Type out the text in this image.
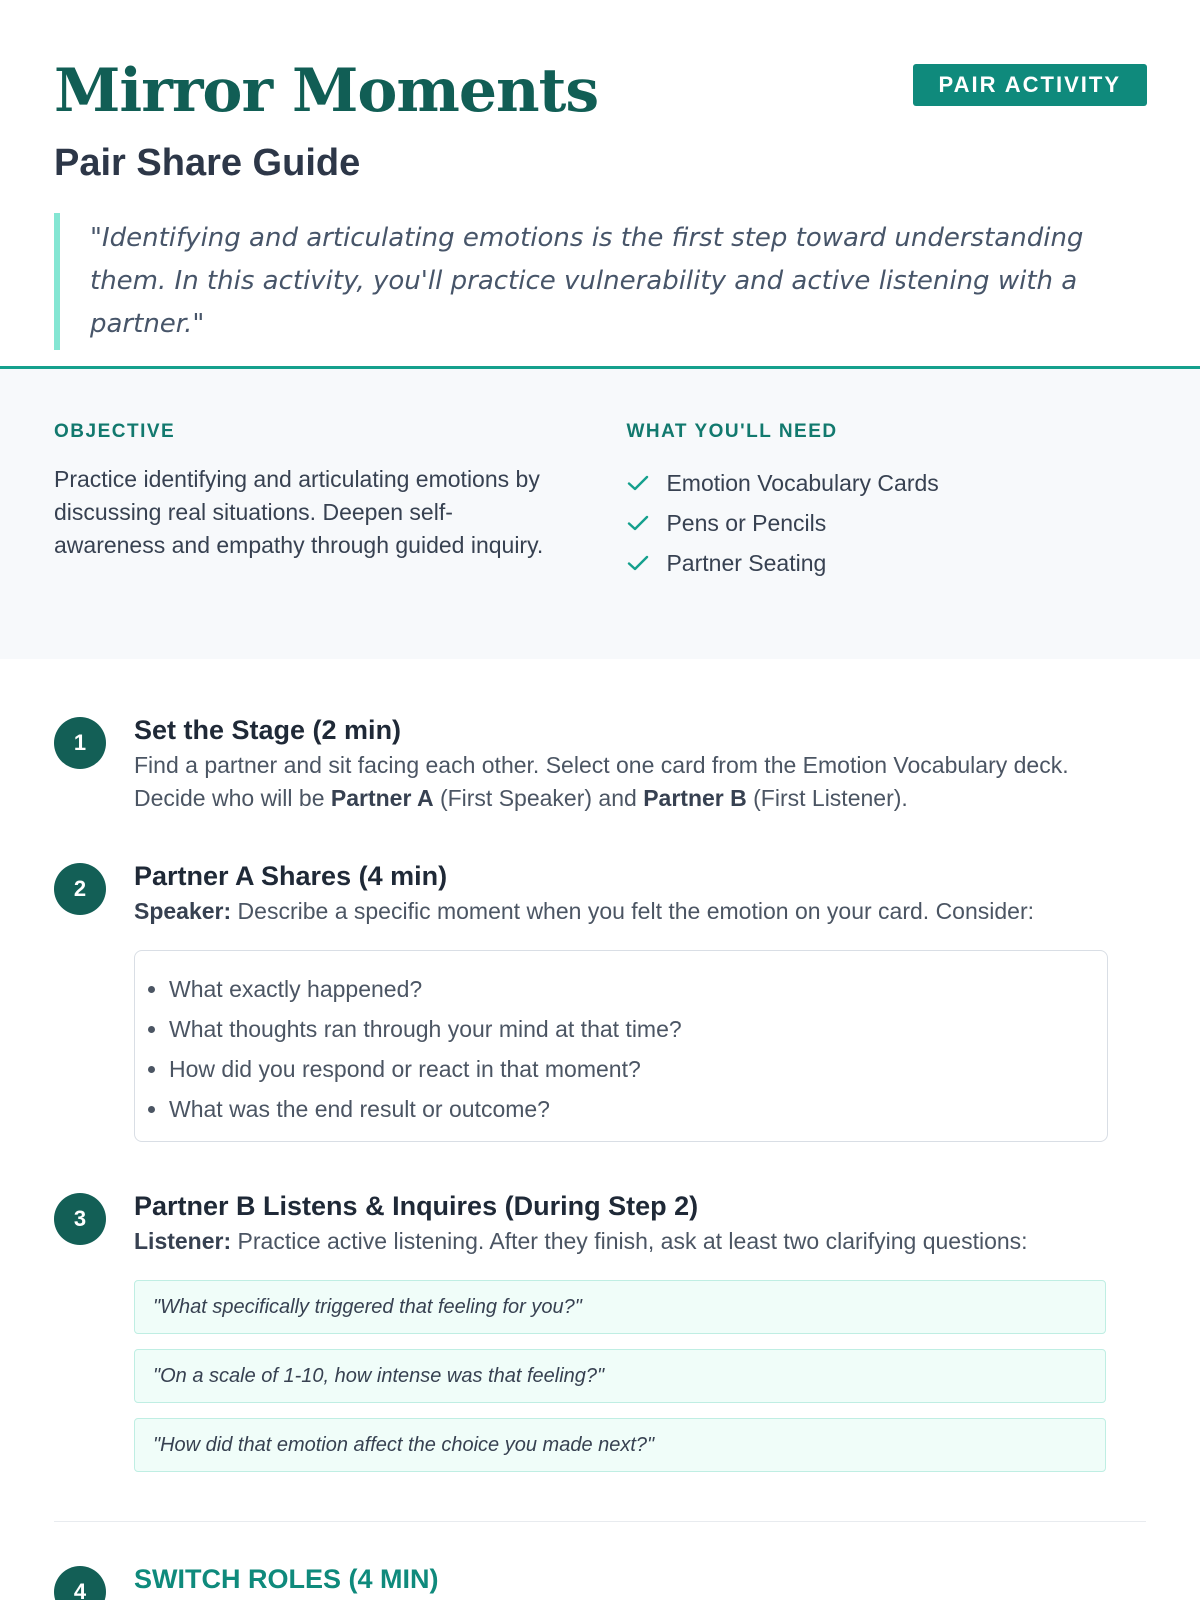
Mirror Moments	PAIR ACTIVITY
Pair Share Guide
"Identifying and articulating emotions is the first step toward understanding them. In this activity, you'll practice vulnerability and active listening with a partner."

OBJECTIVE

Practice identifying and articulating emotions by discussing real situations. Deepen self-awareness and empathy through guided inquiry.

WHAT YOU'LL NEED

Emotion Vocabulary Cards
Pens or Pencils
Partner Seating
1	Set the Stage (2 min)

Find a partner and sit facing each other. Select one card from the Emotion Vocabulary deck. Decide who will be Partner A (First Speaker) and Partner B (First Listener).

2	Partner A Shares (4 min)

Speaker: Describe a specific moment when you felt the emotion on your card. Consider:

• What exactly happened?
• What thoughts ran through your mind at that time?
• How did you respond or react in that moment?
• What was the end result or outcome?
3	Partner B Listens & Inquires (During Step 2)

Listener: Practice active listening. After they finish, ask at least two clarifying questions:

"What specifically triggered that feeling for you?"
"On a scale of 1-10, how intense was that feeling?"
"How did that emotion affect the choice you made next?"
4	SWITCH ROLES (4 MIN)
